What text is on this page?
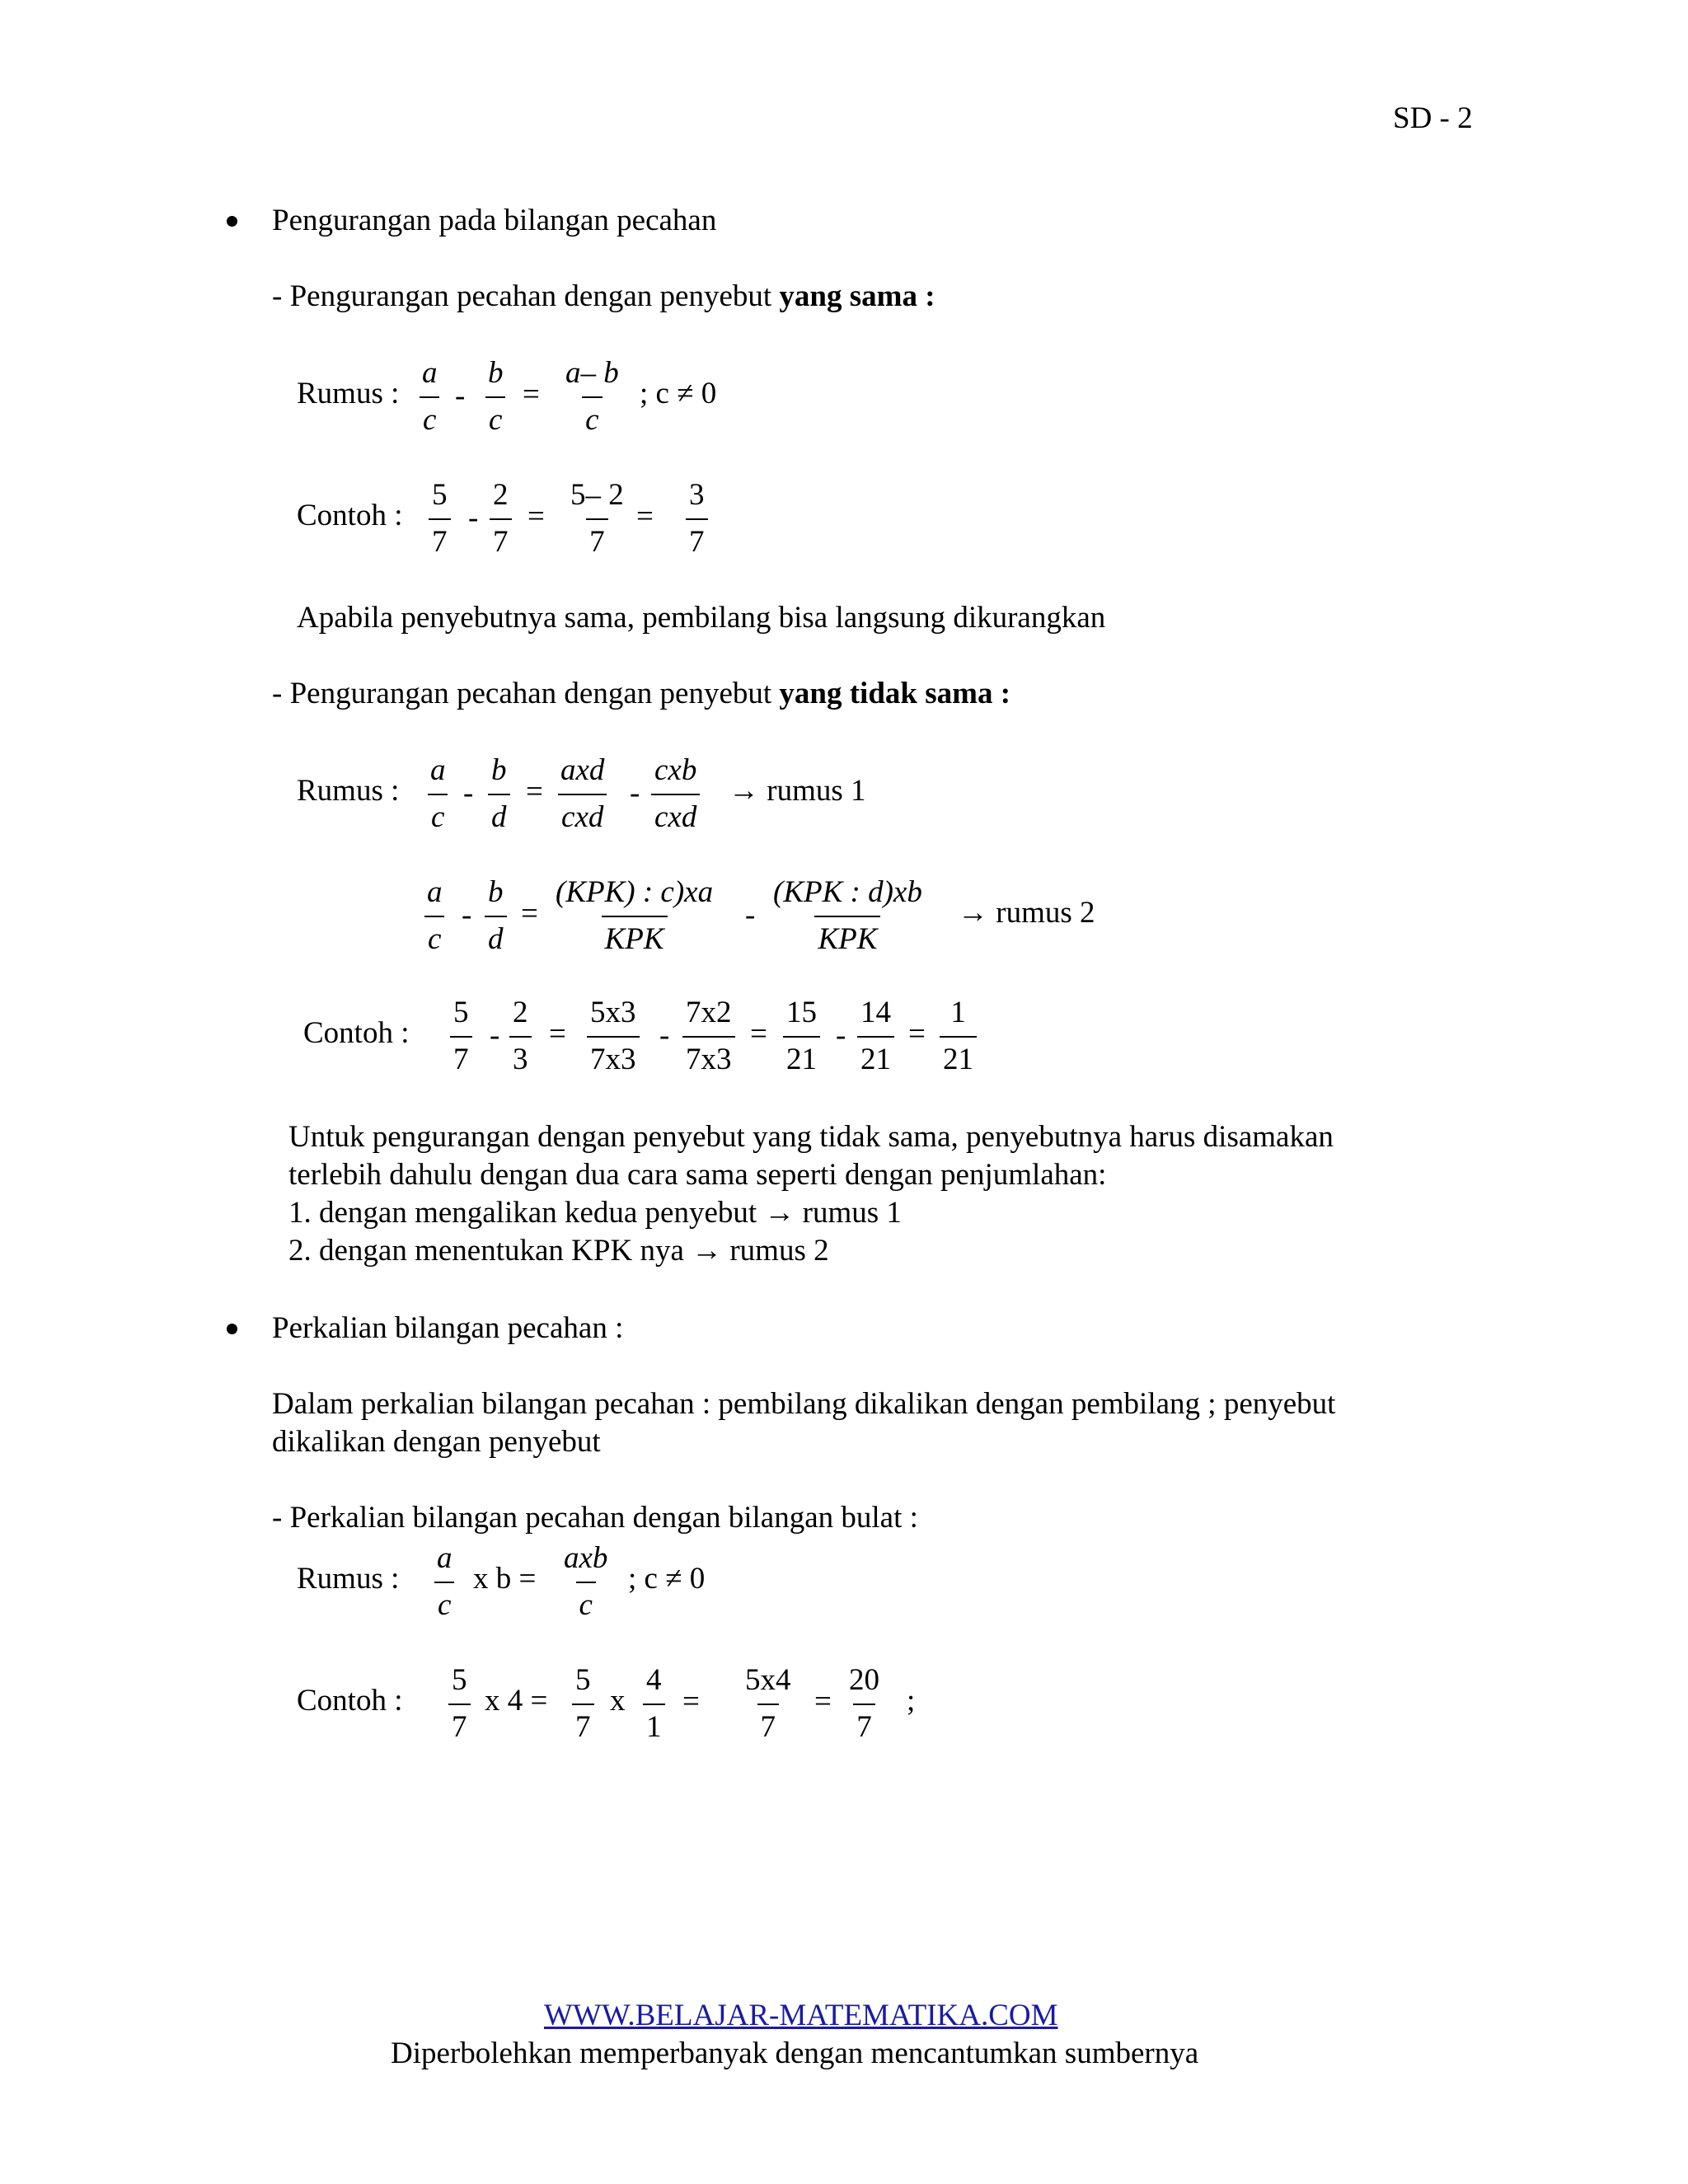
SD - 2
Pengurangan pada bilangan pecahan
- Pengurangan pecahan dengan penyebut yang sama :
Rumus : $\frac{a}{c} - \frac{b}{c} = \frac{a- b}{c}$ ; c ≠ 0
Contoh : $\frac{5}{7} - \frac{2}{7} = \frac{5- 2}{7} = \frac{3}{7}$
Apabila penyebutnya sama, pembilang bisa langsung dikurangkan
- Pengurangan pecahan dengan penyebut yang tidak sama :
Rumus : $\frac{a}{c} - \frac{b}{d}$ =
axd
cxd
-
cxb
cxd
→ rumus 1
$\frac{a}{c} - \frac{b}{d}$ =
(KPK) : c)xa
KPK
-
(KPK : d)xb
KPK
→ rumus 2
Contoh : $\frac{5}{7} - \frac{2}{3} = \frac{5x3}{7x3} - \frac{7x2}{7x3} = \frac{15}{21} - \frac{14}{21} = \frac{1}{21}$
Untuk pengurangan dengan penyebut yang tidak sama, penyebutnya harus disamakan
terlebih dahulu dengan dua cara sama seperti dengan penjumlahan:
1. dengan mengalikan kedua penyebut → rumus 1
2. dengan menentukan KPK nya → rumus 2
Perkalian bilangan pecahan :
Dalam perkalian bilangan pecahan : pembilang dikalikan dengan pembilang ; penyebut
dikalikan dengan penyebut
- Perkalian bilangan pecahan dengan bilangan bulat :
Rumus : $\frac{a}{c}$ x b =
axb
c
; c ≠ 0
Contoh : $\frac{5}{7}$ x $4 = \frac{5}{7}$ x $\frac{4}{1} = \frac{5x4}{7} = \frac{20}{7}$ ;
WWW.BELAJAR-MATEMATIKA.COM
Diperbolehkan memperbanyak dengan mencantumkan sumbernya
